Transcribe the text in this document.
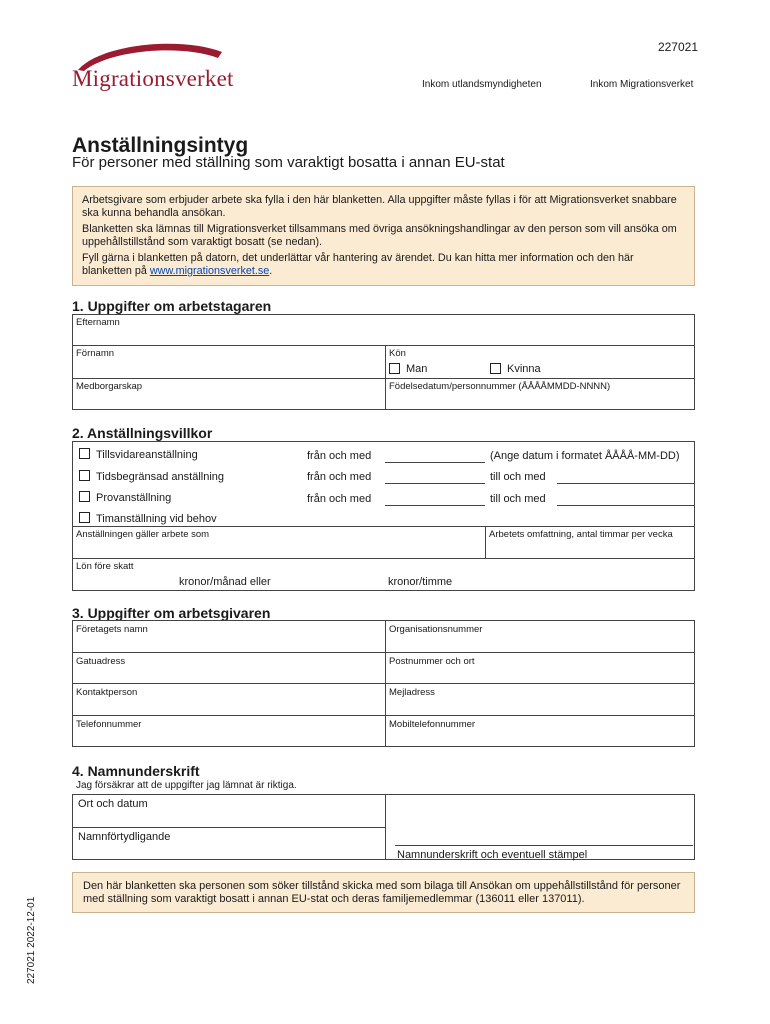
Migrationsverket
227021
Inkom utlandsmyndigheten	Inkom Migrationsverket
Anställningsintyg
För personer med ställning som varaktigt bosatta i annan EU-stat

Arbetsgivare som erbjuder arbete ska fylla i den här blanketten. Alla uppgifter måste fyllas i för att Migrationsverket snabbare ska kunna behandla ansökan.

Blanketten ska lämnas till Migrationsverket tillsammans med övriga ansökningshandlingar av den person som vill ansöka om uppehållstillstånd som varaktigt bosatt (se nedan).

Fyll gärna i blanketten på datorn, det underlättar vår hantering av ärendet. Du kan hitta mer information och den här blanketten på www.migrationsverket.se.

1. Uppgifter om arbetstagaren
Efternamn
Förnamn	Kön
Man	Kvinna
Medborgarskap	Födelsedatum/personnummer (ÅÅÅÅMMDD-NNNN)
2. Anställningsvillkor
Tillsvidareanställning	från och med	(Ange datum i formatet ÅÅÅÅ-MM-DD)
Tidsbegränsad anställning	från och med	till och med
Provanställning	från och med	till och med
Timanställning vid behov
Anställningen gäller arbete som	Arbetets omfattning, antal timmar per vecka
Lön före skatt
kronor/månad eller	kronor/timme
3. Uppgifter om arbetsgivaren
Företagets namn	Organisationsnummer
Gatuadress	Postnummer och ort
Kontaktperson	Mejladress
Telefonnummer	Mobiltelefonnummer
4. Namnunderskrift
Jag försäkrar att de uppgifter jag lämnat är riktiga.
Ort och datum
Namnförtydligande
Namnunderskrift och eventuell stämpel
Den här blanketten ska personen som söker tillstånd skicka med som bilaga till Ansökan om uppehållstillstånd för personer med ställning som varaktigt bosatt i annan EU-stat och deras familjemedlemmar (136011 eller 137011).
227021 2022-12-01
